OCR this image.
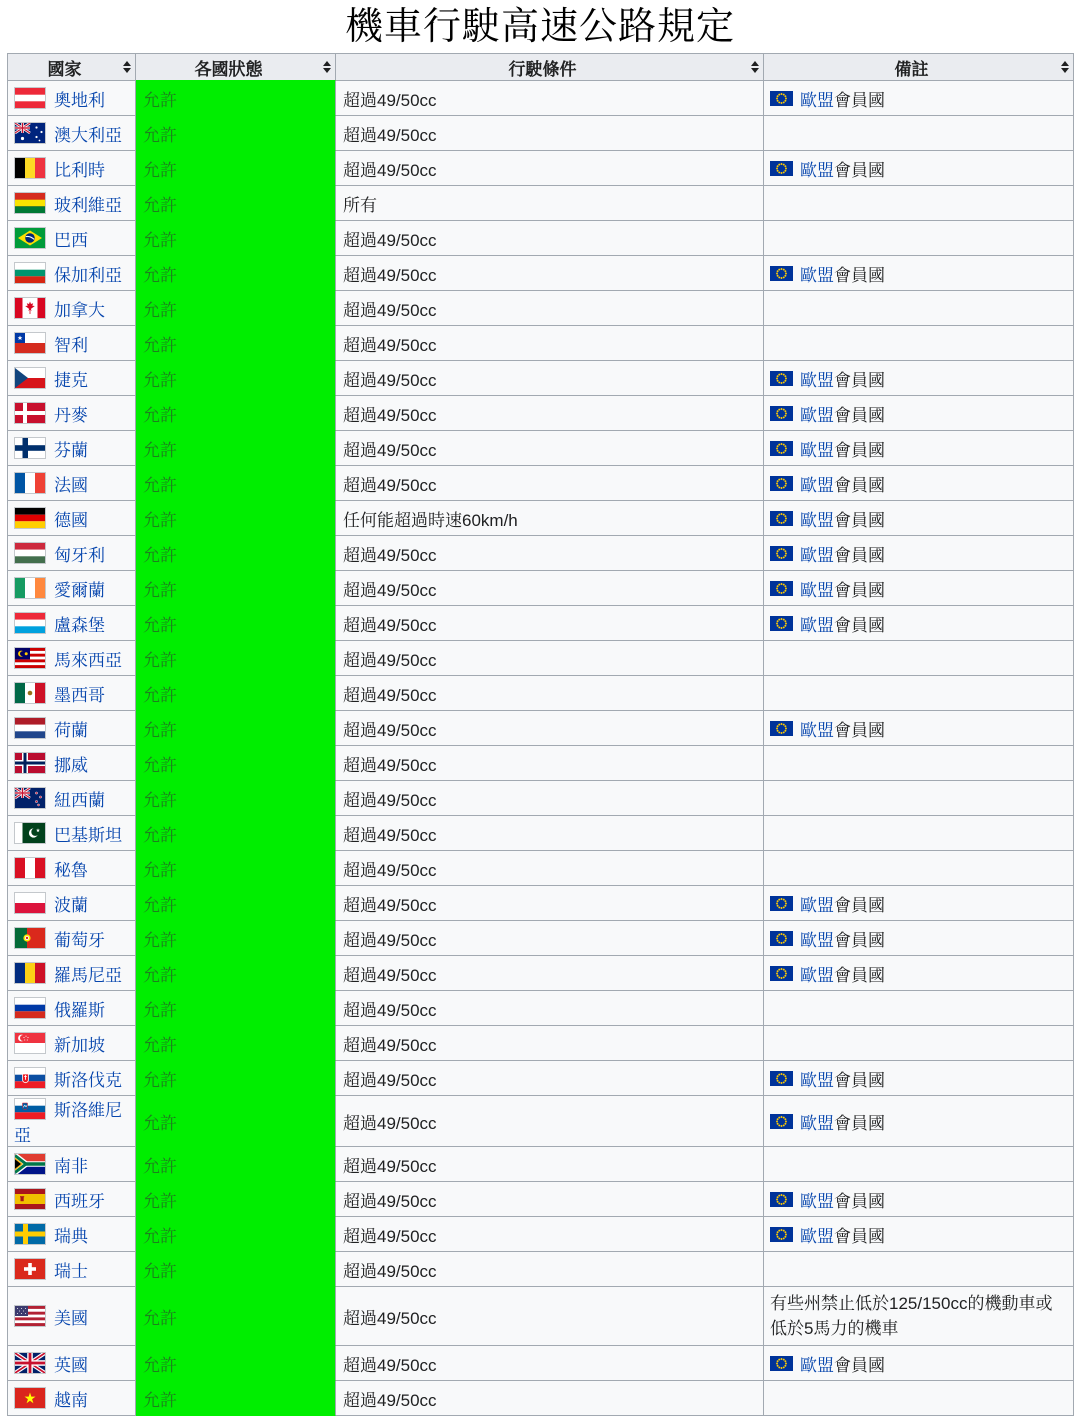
機車行駛高速公路規定
國家	各國狀態	行駛條件	備註

奧地利	允許	超過49/50cc	歐盟 會員國

澳大利亞	允許	超過49/50cc	

比利時	允許	超過49/50cc	歐盟 會員國

玻利維亞	允許	所有	

巴西	允許	超過49/50cc	

保加利亞	允許	超過49/50cc	歐盟 會員國

加拿大	允許	超過49/50cc	

智利	允許	超過49/50cc	

捷克	允許	超過49/50cc	歐盟 會員國

丹麥	允許	超過49/50cc	歐盟 會員國

芬蘭	允許	超過49/50cc	歐盟 會員國

法國	允許	超過49/50cc	歐盟 會員國

德國	允許	任何能超過時速60km/h	歐盟 會員國

匈牙利	允許	超過49/50cc	歐盟 會員國

愛爾蘭	允許	超過49/50cc	歐盟 會員國

盧森堡	允許	超過49/50cc	歐盟 會員國

馬來西亞	允許	超過49/50cc	

墨西哥	允許	超過49/50cc	

荷蘭	允許	超過49/50cc	歐盟 會員國

挪威	允許	超過49/50cc	

紐西蘭	允許	超過49/50cc	

巴基斯坦	允許	超過49/50cc	

秘魯	允許	超過49/50cc	

波蘭	允許	超過49/50cc	歐盟 會員國

葡萄牙	允許	超過49/50cc	歐盟 會員國

羅馬尼亞	允許	超過49/50cc	歐盟 會員國

俄羅斯	允許	超過49/50cc	

新加坡	允許	超過49/50cc	

斯洛伐克	允許	超過49/50cc	歐盟 會員國

斯洛維尼亞	允許	超過49/50cc	歐盟 會員國

南非	允許	超過49/50cc	

西班牙	允許	超過49/50cc	歐盟 會員國

瑞典	允許	超過49/50cc	歐盟 會員國

瑞士	允許	超過49/50cc	

美國	允許	超過49/50cc	有些州禁止低於125/150cc的機動車或低於5馬力的機車

英國	允許	超過49/50cc	歐盟 會員國

越南	允許	超過49/50cc	
